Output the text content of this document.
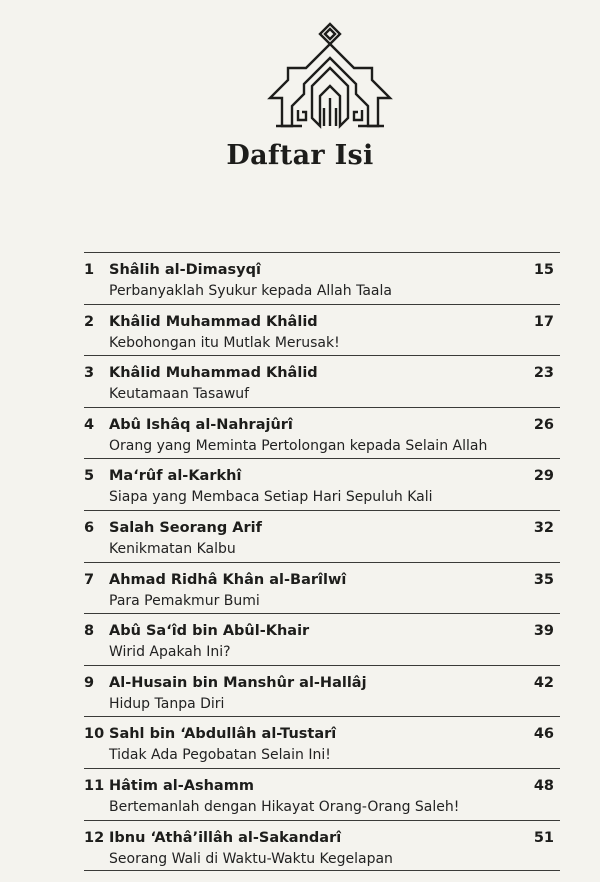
Daftar Isi
1 Shâlih al-Dimasyqî
Perbanyaklah Syukur kepada Allah Taala
15
2 Khâlid Muhammad Khâlid
Kebohongan itu Mutlak Merusak!
17
3 Khâlid Muhammad Khâlid
Keutamaan Tasawuf
23
4 Abû Ishâq al-Nahrajûrî
Orang yang Meminta Pertolongan kepada Selain Allah
26
5 Ma‘rûf al-Karkhî
Siapa yang Membaca Setiap Hari Sepuluh Kali
29
6 Salah Seorang Arif
Kenikmatan Kalbu
32
7 Ahmad Ridhâ Khân al-Barîlwî
Para Pemakmur Bumi
35
8 Abû Sa‘îd bin Abûl-Khair
Wirid Apakah Ini?
39
9 Al-Husain bin Manshûr al-Hallâj
Hidup Tanpa Diri
42
10 Sahl bin ‘Abdullâh al-Tustarî
Tidak Ada Pegobatan Selain Ini!
46
11 Hâtim al-Ashamm
Bertemanlah dengan Hikayat Orang-Orang Saleh!
48
12 Ibnu ‘Athâ’illâh al-Sakandarî
Seorang Wali di Waktu-Waktu Kegelapan
51
